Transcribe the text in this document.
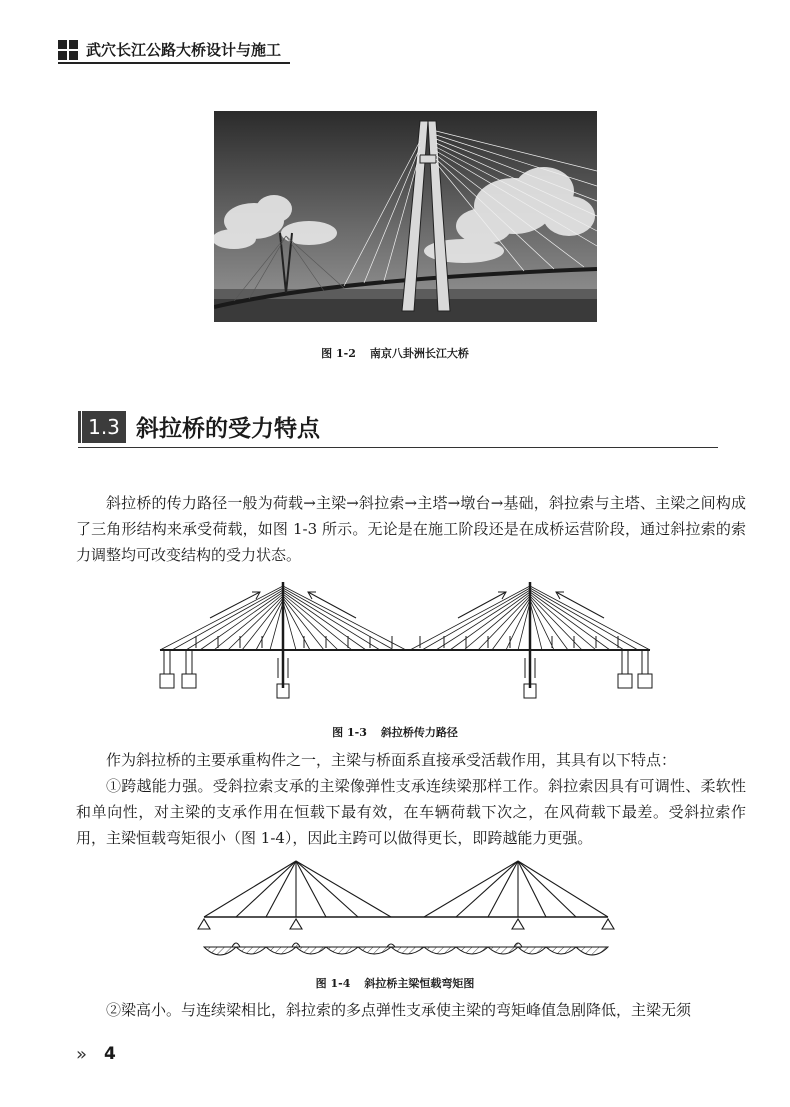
武穴长江公路大桥设计与施工
图 1-2 南京八卦洲长江大桥
1.3 斜拉桥的受力特点
斜拉桥的传力路径一般为荷载→主梁→斜拉索→主塔→墩台→基础，斜拉索与主塔、主梁之间构成了三角形结构来承受荷载，如图 1-3 所示。无论是在施工阶段还是在成桥运营阶段，通过斜拉索的索力调整均可改变结构的受力状态。
图 1-3 斜拉桥传力路径
作为斜拉桥的主要承重构件之一，主梁与桥面系直接承受活载作用，其具有以下特点：
①跨越能力强。受斜拉索支承的主梁像弹性支承连续梁那样工作。斜拉索因具有可调性、柔软性和单向性，对主梁的支承作用在恒载下最有效，在车辆荷载下次之，在风荷载下最差。受斜拉索作用，主梁恒载弯矩很小（图 1-4），因此主跨可以做得更长，即跨越能力更强。
图 1-4 斜拉桥主梁恒载弯矩图
②梁高小。与连续梁相比，斜拉索的多点弹性支承使主梁的弯矩峰值急剧降低，主梁无须
» 4
